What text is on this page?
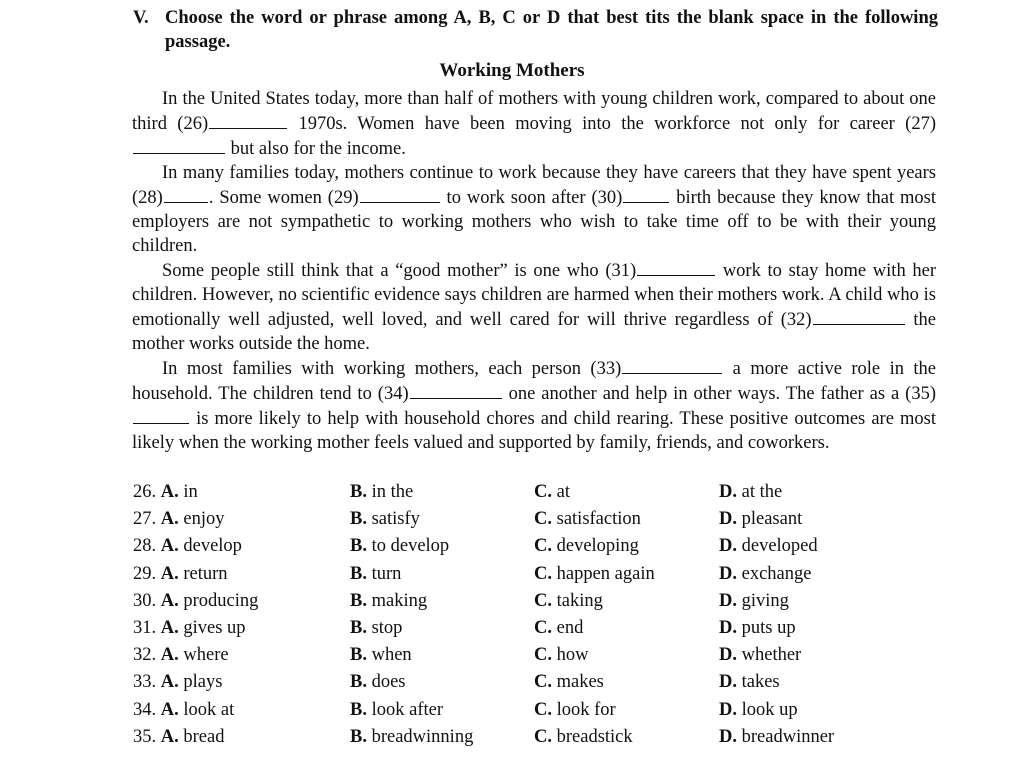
V. Choose the word or phrase among A, B, C or D that best tits the blank space in the following passage.
Working Mothers

In the United States today, more than half of mothers with young children work, compared to about one third (26)	1970s. Women have been moving into the workforce not only for career (27) but also for the income.

In many families today, mothers continue to work because they have careers that they have spent years (28) . Some women (29)	to work soon after (30)	birth because they know that most employers are not sympathetic to working mothers who wish to take time off to be with their young children.

Some people still think that a “good mother” is one who (31)	work to stay home with her children. However, no scientific evidence says children are harmed when their mothers work. A child who is emotionally well adjusted, well loved, and well cared for will thrive regardless of (32)	the mother works outside the home.

In most families with working mothers, each person (33)	a more active role in the household. The children tend to (34)	one another and help in other ways. The father as a (35) is more likely to help with household chores and child rearing. These positive outcomes are most likely when the working mother feels valued and supported by family, friends, and coworkers.

26. A. in	B. in the	C. at	D. at the
27. A. enjoy	B. satisfy	C. satisfaction	D. pleasant
28. A. develop	B. to develop	C. developing	D. developed
29. A. return	B. turn	C. happen again	D. exchange
30. A. producing	B. making	C. taking	D. giving
31. A. gives up	B. stop	C. end	D. puts up
32. A. where	B. when	C. how	D. whether
33. A. plays	B. does	C. makes	D. takes
34. A. look at	B. look after	C. look for	D. look up
35. A. bread	B. breadwinning	C. breadstick	D. breadwinner
